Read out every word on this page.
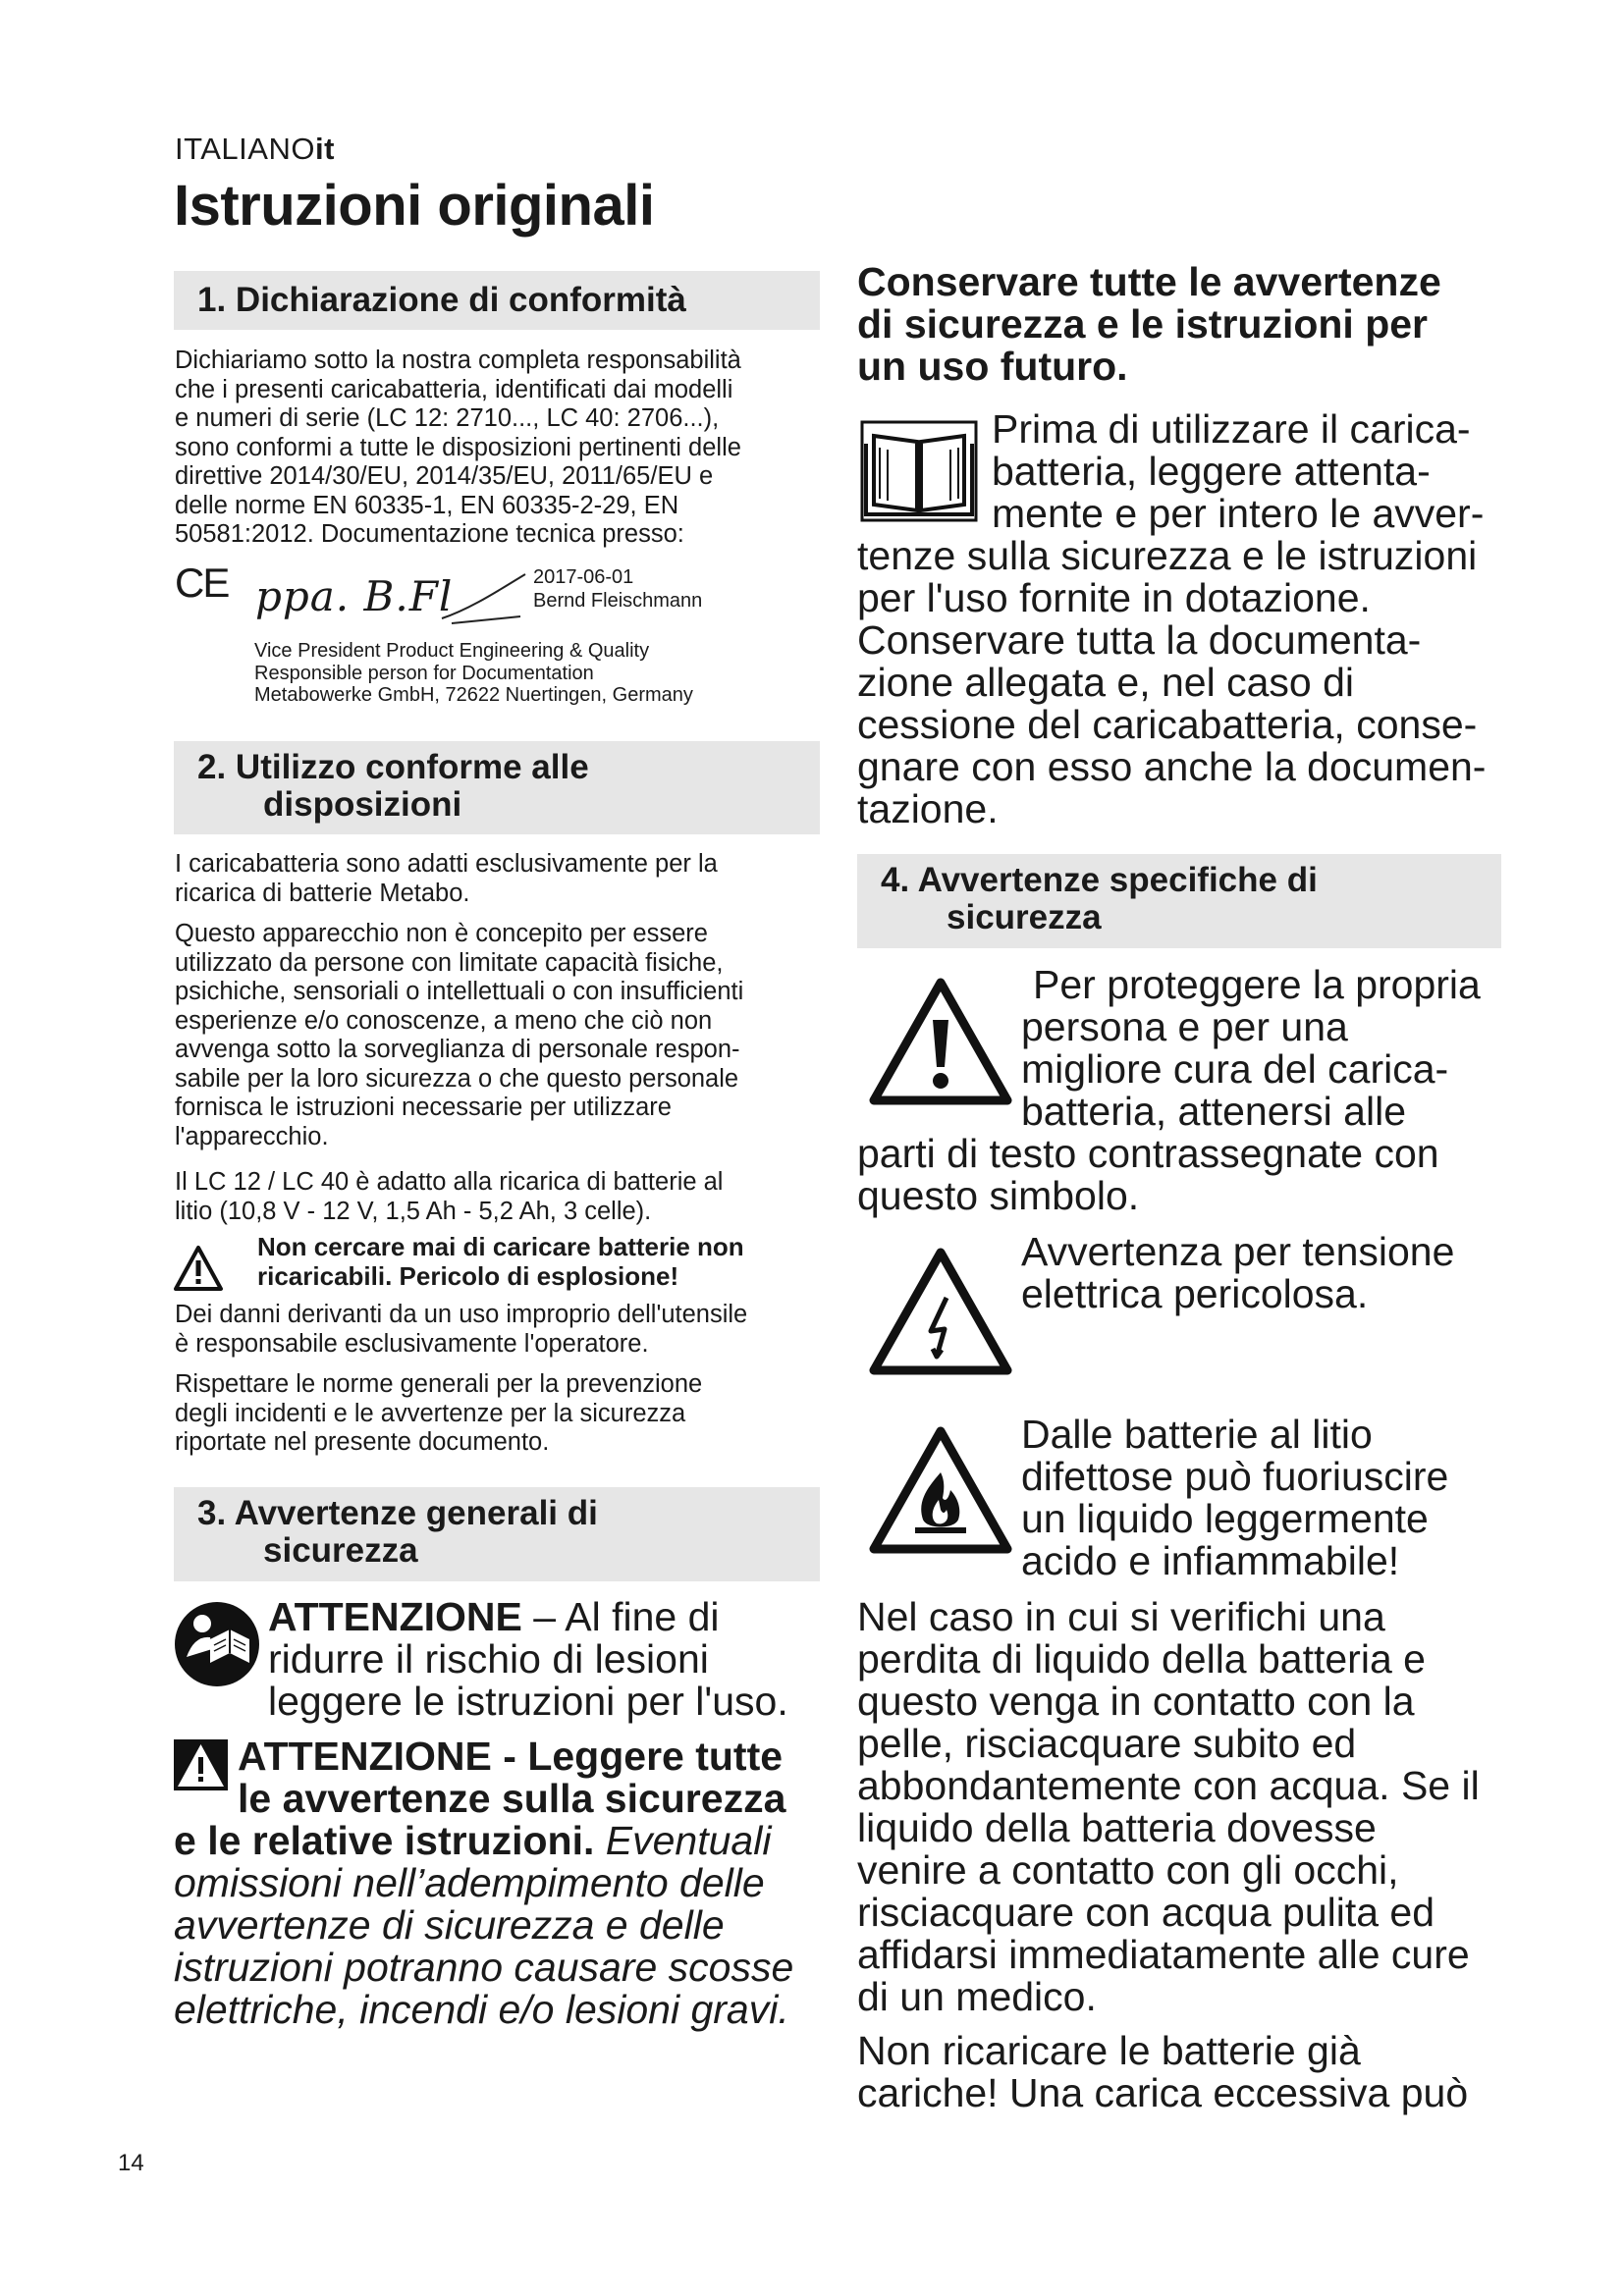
ITALIANOit
Istruzioni originali
1. Dichiarazione di conformità
Dichiariamo sotto la nostra completa responsabilità
che i presenti caricabatteria, identificati dai modelli
e numeri di serie (LC 12: 2710..., LC 40: 2706...),
sono conformi a tutte le disposizioni pertinenti delle
direttive 2014/30/EU, 2014/35/EU, 2011/65/EU e
delle norme EN 60335-1, EN 60335-2-29, EN
50581:2012. Documentazione tecnica presso:
CE ppa. B.Fl	2017-06-01
Bernd Fleischmann
Vice President Product Engineering & Quality
Responsible person for Documentation
Metabowerke GmbH, 72622 Nuertingen, Germany
2. Utilizzo conforme alle
disposizioni
I caricabatteria sono adatti esclusivamente per la
ricarica di batterie Metabo.
Questo apparecchio non è concepito per essere
utilizzato da persone con limitate capacità fisiche,
psichiche, sensoriali o intellettuali o con insufficienti
esperienze e/o conoscenze, a meno che ciò non
avvenga sotto la sorveglianza di personale respon-
sabile per la loro sicurezza o che questo personale
fornisca le istruzioni necessarie per utilizzare
l'apparecchio.
Il LC 12 / LC 40 è adatto alla ricarica di batterie al
litio (10,8 V - 12 V, 1,5 Ah - 5,2 Ah, 3 celle).
Non cercare mai di caricare batterie non
ricaricabili. Pericolo di esplosione!
Dei danni derivanti da un uso improprio dell'utensile
è responsabile esclusivamente l'operatore.
Rispettare le norme generali per la prevenzione
degli incidenti e le avvertenze per la sicurezza
riportate nel presente documento.
3. Avvertenze generali di
sicurezza
ATTENZIONE – Al fine di
ridurre il rischio di lesioni
leggere le istruzioni per l'uso.
ATTENZIONE - Leggere tutte
le avvertenze sulla sicurezza
e le relative istruzioni. Eventuali
omissioni nell’adempimento delle
avvertenze di sicurezza e delle
istruzioni potranno causare scosse
elettriche, incendi e/o lesioni gravi.
Conservare tutte le avvertenze
di sicurezza e le istruzioni per
un uso futuro.
Prima di utilizzare il carica-
batteria, leggere attenta-
mente e per intero le avver-
tenze sulla sicurezza e le istruzioni
per l'uso fornite in dotazione.
Conservare tutta la documenta-
zione allegata e, nel caso di
cessione del caricabatteria, conse-
gnare con esso anche la documen-
tazione.
4. Avvertenze specifiche di
sicurezza
Per proteggere la propria
persona e per una
migliore cura del carica-
batteria, attenersi alle
parti di testo contrassegnate con
questo simbolo.
Avvertenza per tensione
elettrica pericolosa.
Dalle batterie al litio
difettose può fuoriuscire
un liquido leggermente
acido e infiammabile!
Nel caso in cui si verifichi una
perdita di liquido della batteria e
questo venga in contatto con la
pelle, risciacquare subito ed
abbondantemente con acqua. Se il
liquido della batteria dovesse
venire a contatto con gli occhi,
risciacquare con acqua pulita ed
affidarsi immediatamente alle cure
di un medico.
Non ricaricare le batterie già
cariche! Una carica eccessiva può
14
